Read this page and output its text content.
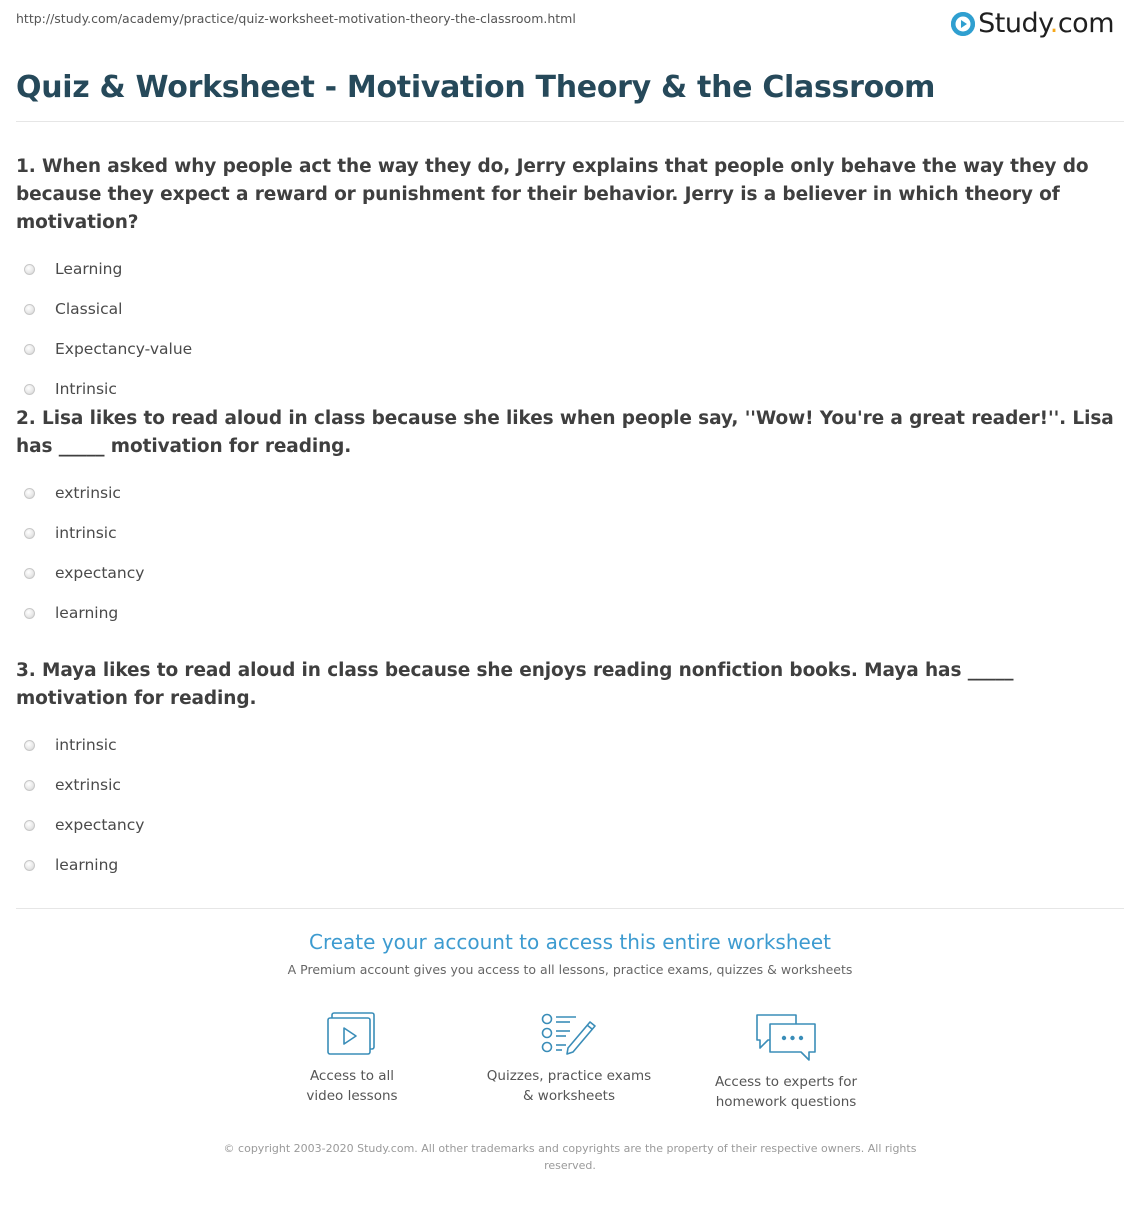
http://study.com/academy/practice/quiz-worksheet-motivation-theory-the-classroom.html	Study.com
Quiz & Worksheet - Motivation Theory & the Classroom

1. When asked why people act the way they do, Jerry explains that people only behave the way they do because they expect a reward or punishment for their behavior. Jerry is a believer in which theory of motivation?

Learning
Classical
Expectancy-value
Intrinsic

2. Lisa likes to read aloud in class because she likes when people say, ''Wow! You're a great reader!''. Lisa has _____ motivation for reading.

extrinsic
intrinsic
expectancy
learning

3. Maya likes to read aloud in class because she enjoys reading nonfiction books. Maya has _____ motivation for reading.

intrinsic
extrinsic
expectancy
learning
Create your account to access this entire worksheet

A Premium account gives you access to all lessons, practice exams, quizzes & worksheets

Access to all
video lessons
Quizzes, practice exams
& worksheets
Access to experts for
homework questions
© copyright 2003-2020 Study.com. All other trademarks and copyrights are the property of their respective owners. All rights reserved.
